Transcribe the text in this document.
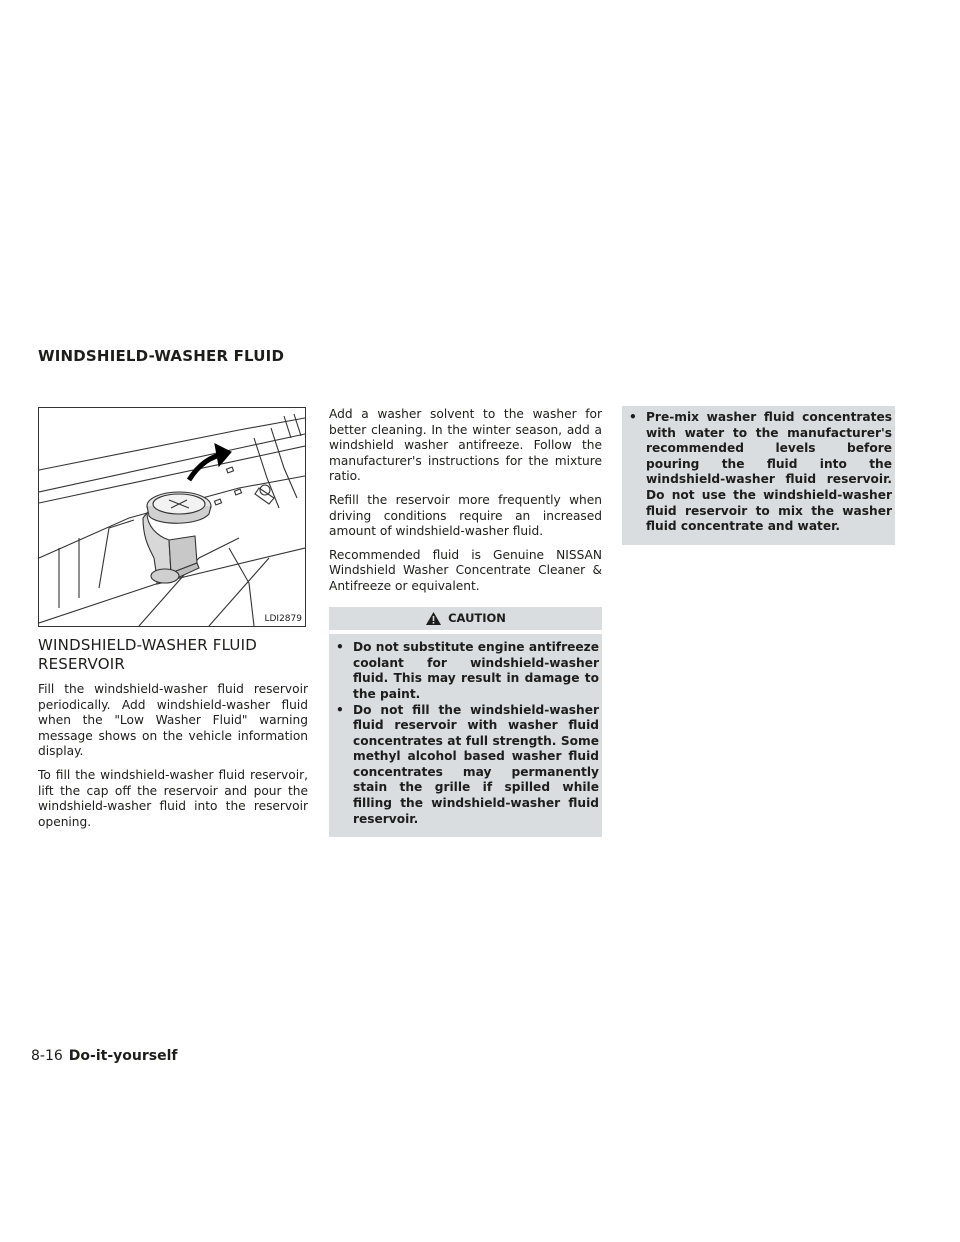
WINDSHIELD-WASHER FLUID
LDI2879
WINDSHIELD-WASHER FLUID RESERVOIR

Fill the windshield-washer fluid reservoir periodically. Add windshield-washer fluid when the "Low Washer Fluid" warning message shows on the vehicle information display.

To fill the windshield-washer fluid reservoir, lift the cap off the reservoir and pour the windshield-washer fluid into the reservoir opening.

Add a washer solvent to the washer for better cleaning. In the winter season, add a windshield washer antifreeze. Follow the manufacturer's instructions for the mixture ratio.

Refill the reservoir more frequently when driving conditions require an increased amount of windshield-washer fluid.

Recommended fluid is Genuine NISSAN Windshield Washer Concentrate Cleaner & Antifreeze or equivalent.

CAUTION
• Do not substitute engine antifreeze coolant for windshield-washer fluid. This may result in damage to the paint.
• Do not fill the windshield-washer fluid reservoir with washer fluid concentrates at full strength. Some methyl alcohol based washer fluid concentrates may permanently stain the grille if spilled while filling the windshield-washer fluid reservoir.
• Pre-mix washer fluid concentrates with water to the manufacturer's recommended levels before pouring the fluid into the windshield-washer fluid reservoir. Do not use the windshield-washer fluid reservoir to mix the washer fluid concentrate and water.

8-16 Do-it-yourself
